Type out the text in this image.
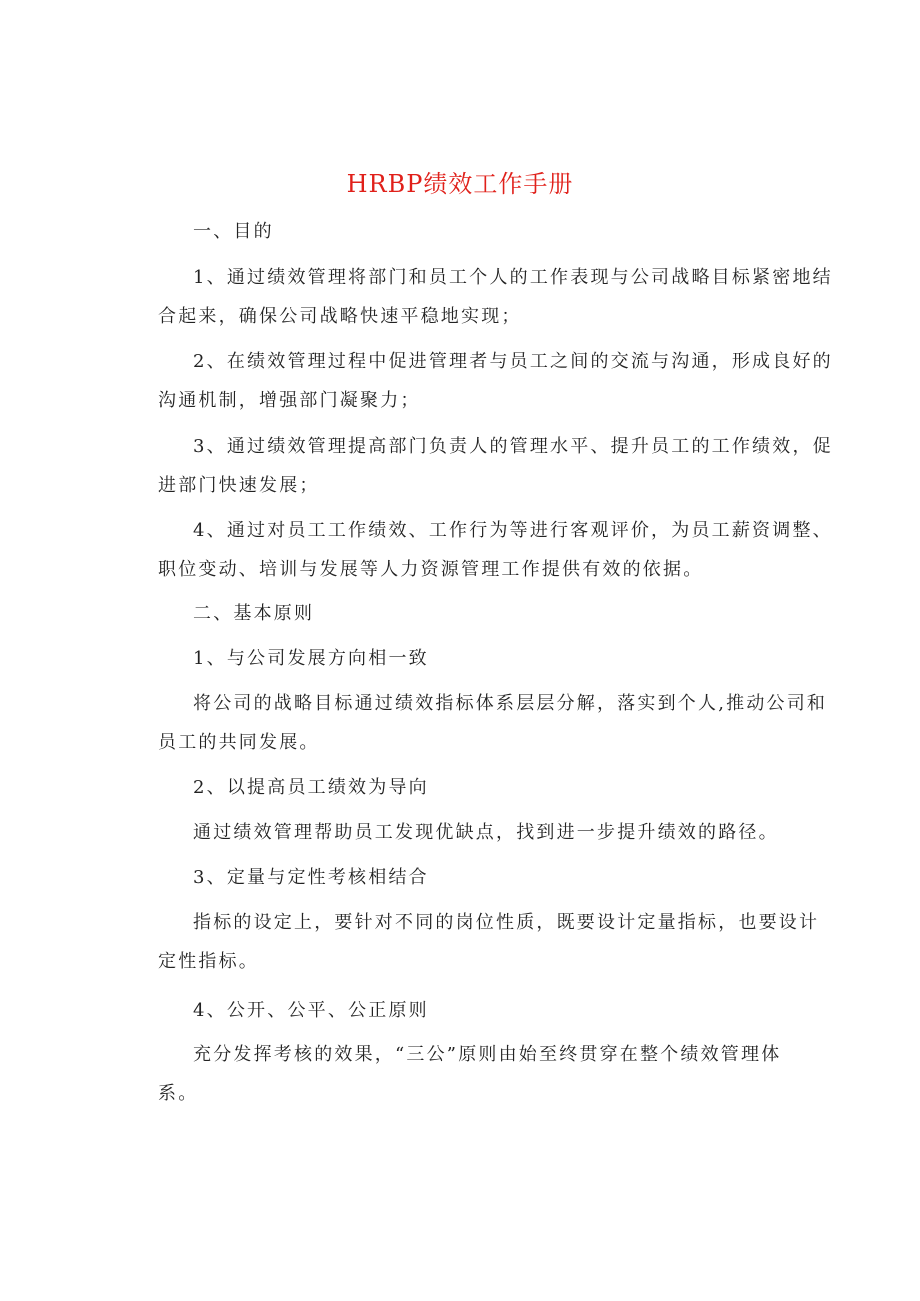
HRBP绩效工作手册
一、目的
1、通过绩效管理将部门和员工个人的工作表现与公司战略目标紧密地结
合起来，确保公司战略快速平稳地实现；
2、在绩效管理过程中促进管理者与员工之间的交流与沟通，形成良好的
沟通机制，增强部门凝聚力；
3、通过绩效管理提高部门负责人的管理水平、提升员工的工作绩效，促
进部门快速发展；
4、通过对员工工作绩效、工作行为等进行客观评价，为员工薪资调整、
职位变动、培训与发展等人力资源管理工作提供有效的依据。
二、基本原则
1、与公司发展方向相一致
将公司的战略目标通过绩效指标体系层层分解，落实到个人,推动公司和
员工的共同发展。
2、以提高员工绩效为导向
通过绩效管理帮助员工发现优缺点，找到进一步提升绩效的路径。
3、定量与定性考核相结合
指标的设定上，要针对不同的岗位性质，既要设计定量指标，也要设计
定性指标。
4、公开、公平、公正原则
充分发挥考核的效果，“三公”原则由始至终贯穿在整个绩效管理体
系。
